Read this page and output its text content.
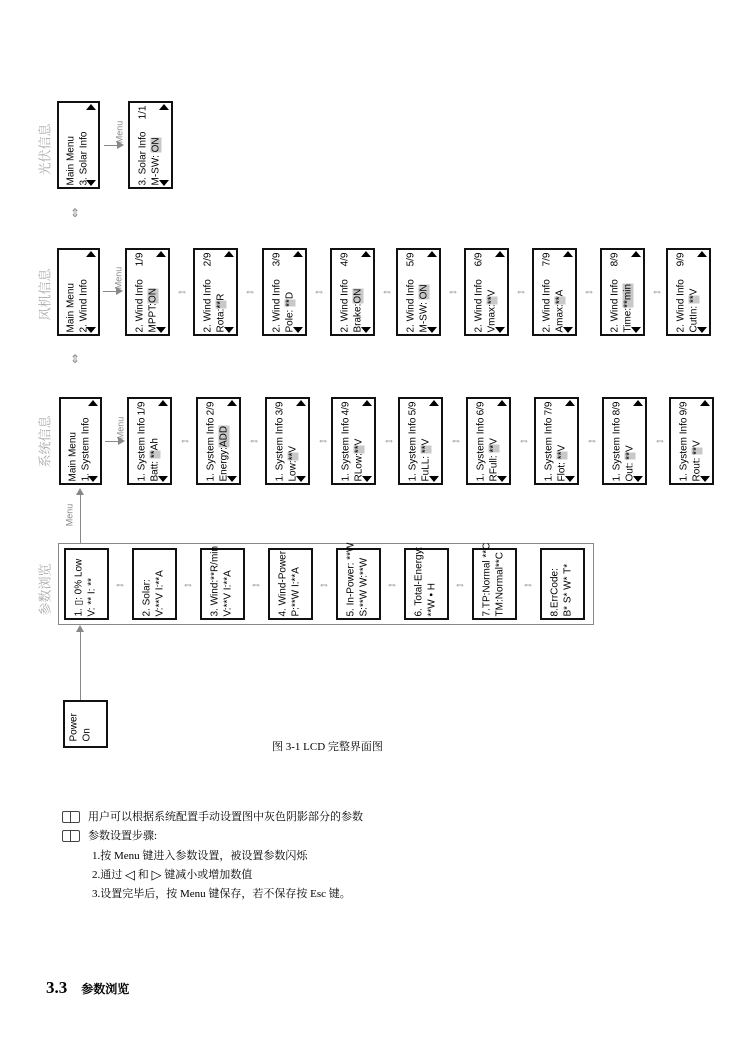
光伏信息
风机信息
系统信息
参数浏览
Menu
⇕
⇕
Power On
图 3-1 LCD 完整界面图
用户可以根据系统配置手动设置图中灰色阴影部分的参数
参数设置步骤:
1.按 Menu 键进入参数设置，被设置参数闪烁
2.通过 ◁ 和 ▷ 键减小或增加数值
3.设置完毕后，按 Menu 键保存，若不保存按 Esc 键。
3.3 参数浏览
Main Menu 3. Solar Info	Menu 3. Solar Info
1/1
M-SW: ON
Main Menu 2. Wind Info
Menu
2. Wind Info
1/9
MPPT:ON ⇔ 2. Wind Info
2/9
Rota:**R ⇔ 2. Wind Info
3/9
Pole: **D ⇔ 2. Wind Info
4/9
Brake:ON ⇔ 2. Wind Info
5/9
M-SW: ON ⇔ 2. Wind Info
6/9
Vmax:**V ⇔ 2. Wind Info
7/9
Amax:**A ⇔ 2. Wind Info
8/9
Time:**min ⇔ 2. Wind Info
9/9
CutIn: **V
Main Menu 1. System Info	Menu 1. System Info
1/9
Batt: **Ah ⇔ 1. System Info
2/9
Energy:ADD ⇔ 1. System Info
3/9
Low:**V
⇔ 1. System Info
4/9
RLow:**V ⇔ 1. System Info
5/9
FuLL: **V ⇔ 1. System Info
6/9
RFull: **V ⇔ 1. System Info
7/9
Flot: **V
⇔ 1. System Info
8/9
Out: **V
⇔ 1. System Info
9/9
Rout: **V
1. ▯: 0% Low V: ** I: ** ⇔ 2. Solar: V:**V I:**A ⇔ 3. Wind:**R/min V:**V I:**A ⇔ 4. Wind-Power P:**W I:**A ⇔ 5. In-Power: **W S:**W W:**W ⇔ 6. Total-Energy: **W • H ⇔ 7.TP:Normal **C TM:Normal**C ⇔ 8.ErrCode: B* S* W* T*
